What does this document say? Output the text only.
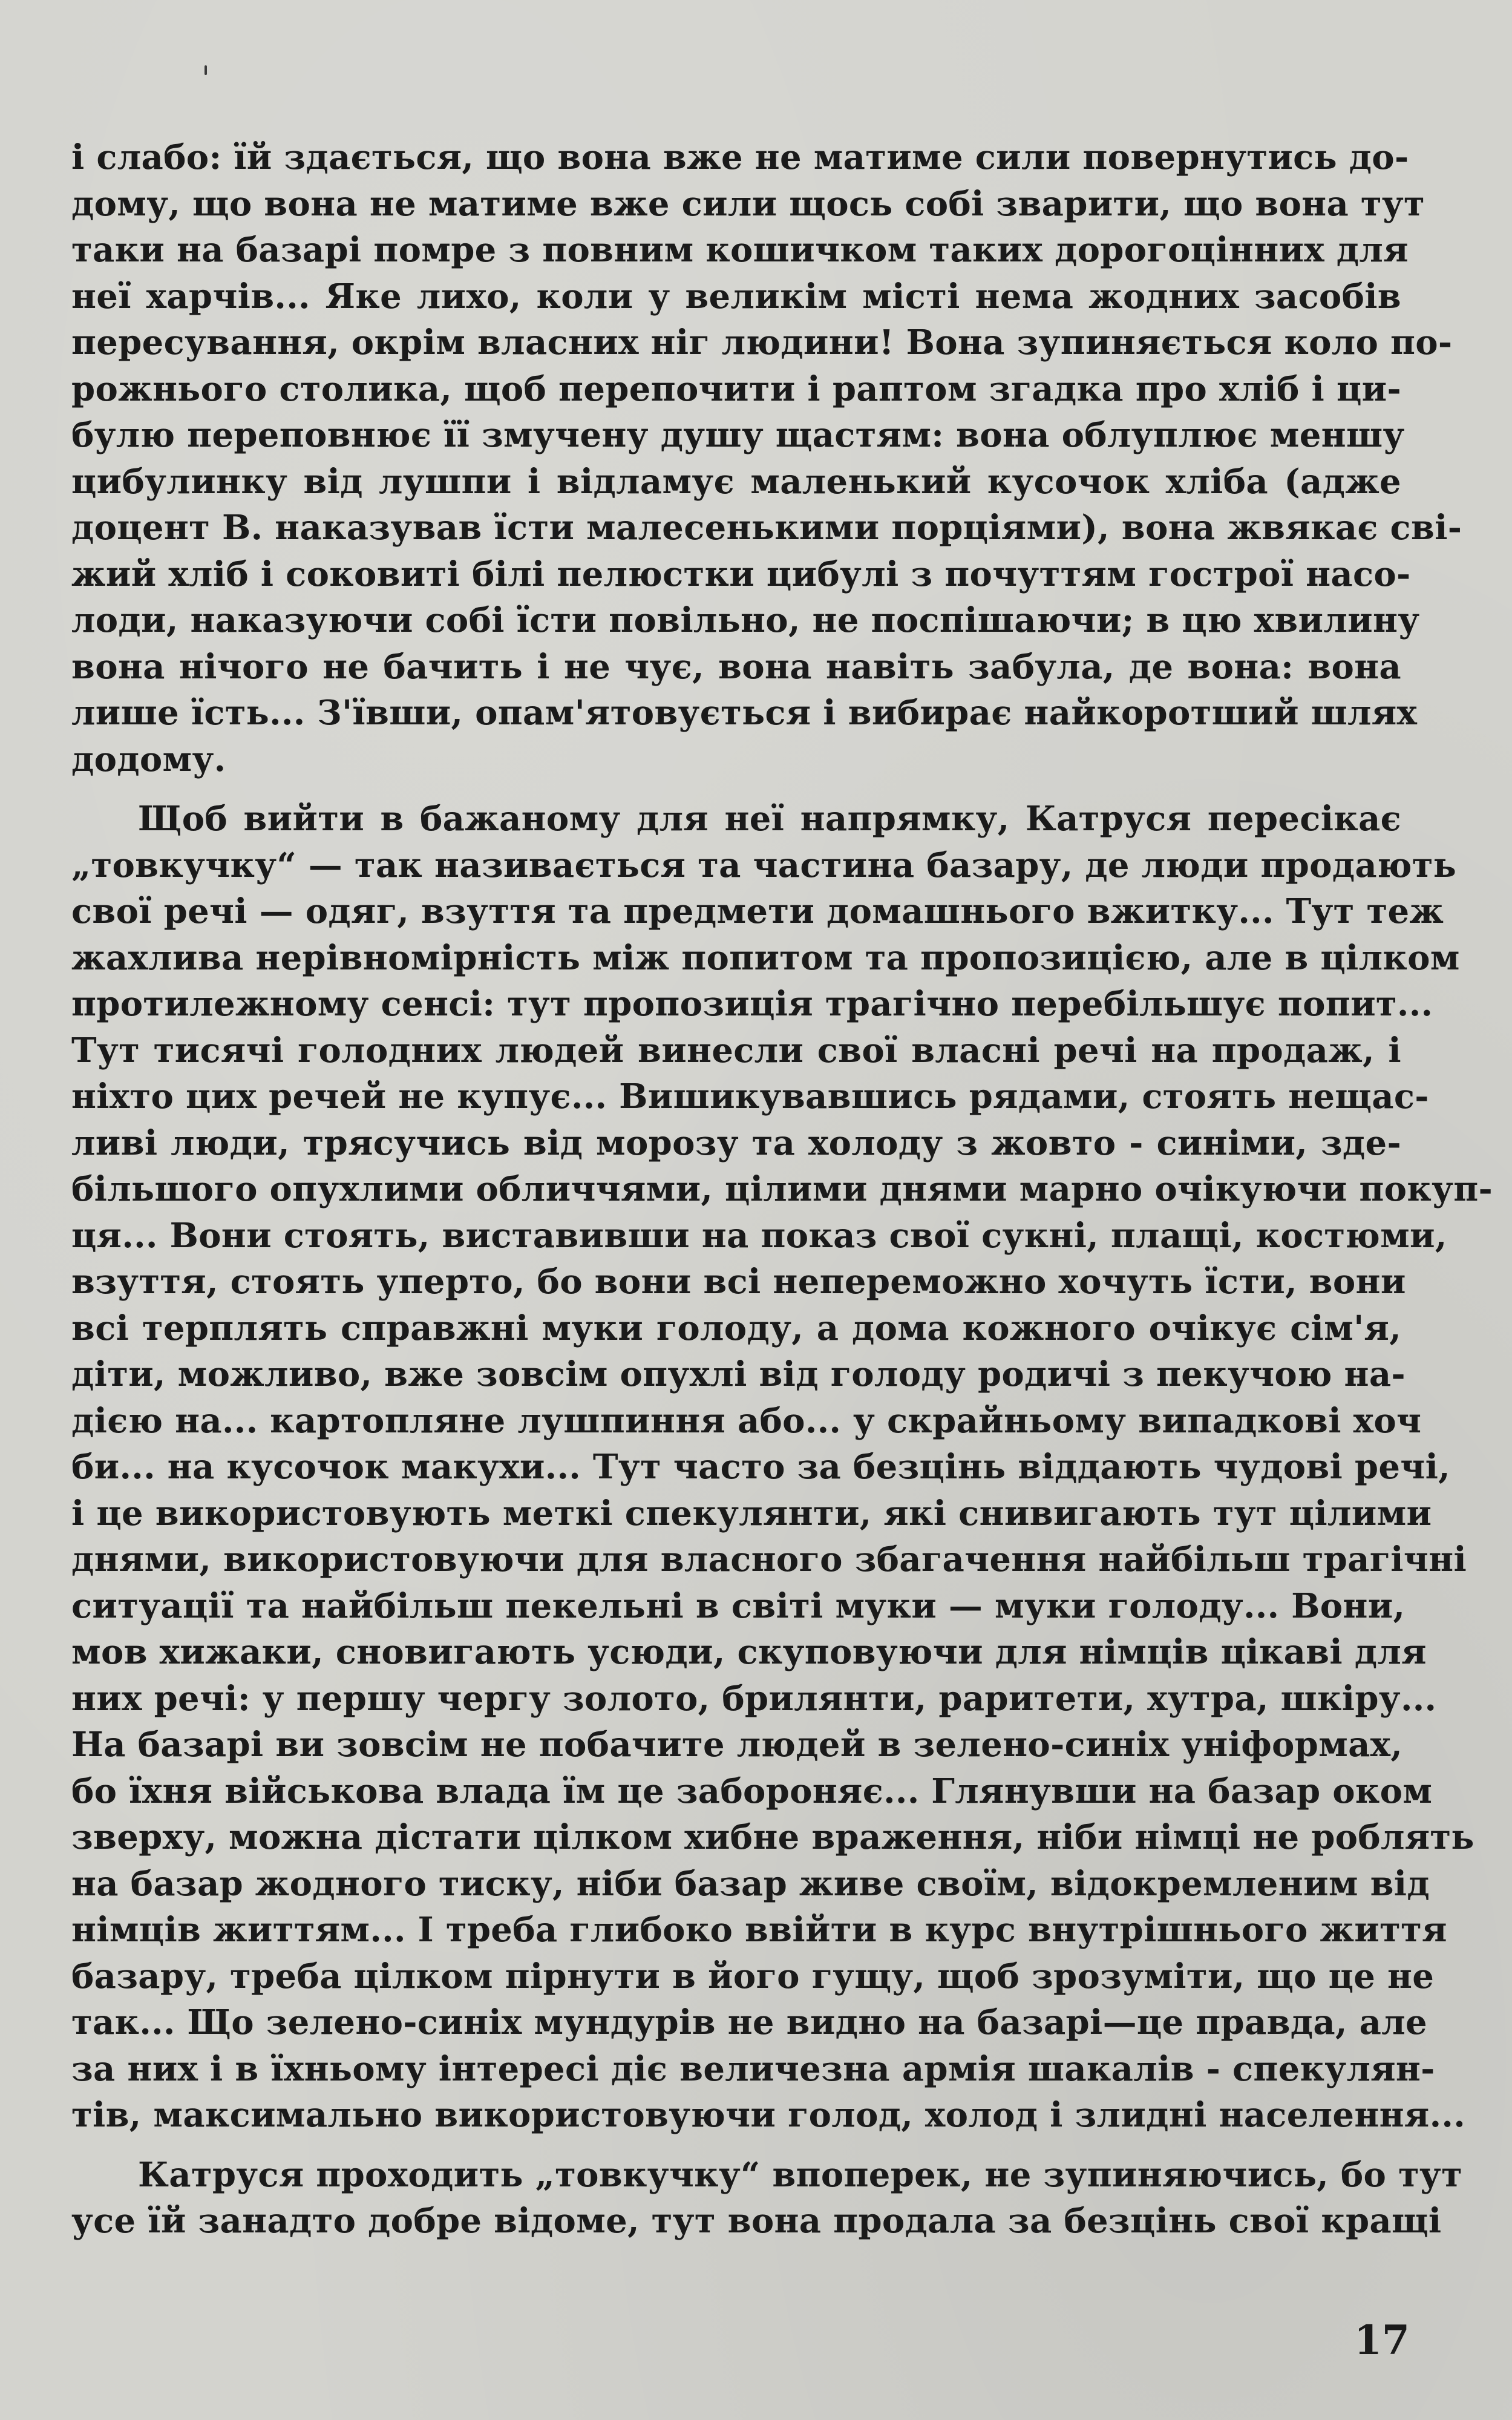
і слабо: їй здається, що вона вже не матиме сили повернутись до-
дому, що вона не матиме вже сили щось собі зварити, що вона тут
таки на базарі помре з повним кошичком таких дорогоцінних для
неї харчів... Яке лихо, коли у великім місті нема жодних засобів
пересування, окрім власних ніг людини! Вона зупиняється коло по-
рожнього столика, щоб перепочити і раптом згадка про хліб і ци-
булю переповнює її змучену душу щастям: вона облуплює меншу
цибулинку від лушпи і відламує маленький кусочок хліба (адже
доцент В. наказував їсти малесенькими порціями), вона жвякає сві-
жий хліб і соковиті білі пелюстки цибулі з почуттям гострої насо-
лоди, наказуючи собі їсти повільно, не поспішаючи; в цю хвилину
вона нічого не бачить і не чує, вона навіть забула, де вона: вона
лише їсть... З'ївши, опам'ятовується і вибирає найкоротший шлях
додому.
Щоб вийти в бажаному для неї напрямку, Катруся пересікає
„товкучку“ — так називається та частина базару, де люди продають
свої речі — одяг, взуття та предмети домашнього вжитку... Тут теж
жахлива нерівномірність між попитом та пропозицією, але в цілком
протилежному сенсі: тут пропозиція трагічно перебільшує попит...
Тут тисячі голодних людей винесли свої власні речі на продаж, і
ніхто цих речей не купує... Вишикувавшись рядами, стоять нещас-
ливі люди, трясучись від морозу та холоду з жовто - синіми, зде-
більшого опухлими обличчями, цілими днями марно очікуючи покуп-
ця... Вони стоять, виставивши на показ свої сукні, плащі, костюми,
взуття, стоять уперто, бо вони всі непереможно хочуть їсти, вони
всі терплять справжні муки голоду, а дома кожного очікує сім'я,
діти, можливо, вже зовсім опухлі від голоду родичі з пекучою на-
дією на... картопляне лушпиння або... у скрайньому випадкові хоч
би... на кусочок макухи... Тут часто за безцінь віддають чудові речі,
і це використовують меткі спекулянти, які снивигають тут цілими
днями, використовуючи для власного збагачення найбільш трагічні
ситуації та найбільш пекельні в світі муки — муки голоду... Вони,
мов хижаки, сновигають усюди, скуповуючи для німців цікаві для
них речі: у першу чергу золото, брилянти, раритети, хутра, шкіру...
На базарі ви зовсім не побачите людей в зелено-синіх уніформах,
бо їхня військова влада їм це забороняє... Глянувши на базар оком
зверху, можна дістати цілком хибне враження, ніби німці не роблять
на базар жодного тиску, ніби базар живе своїм, відокремленим від
німців життям... І треба глибоко ввійти в курс внутрішнього життя
базару, треба цілком пірнути в його гущу, щоб зрозуміти, що це не
так... Що зелено-синіх мундурів не видно на базарі—це правда, але
за них і в їхньому інтересі діє величезна армія шакалів - спекулян-
тів, максимально використовуючи голод, холод і злидні населення...
Катруся проходить „товкучку“ впоперек, не зупиняючись, бо тут
усе їй занадто добре відоме, тут вона продала за безцінь свої кращі
17
